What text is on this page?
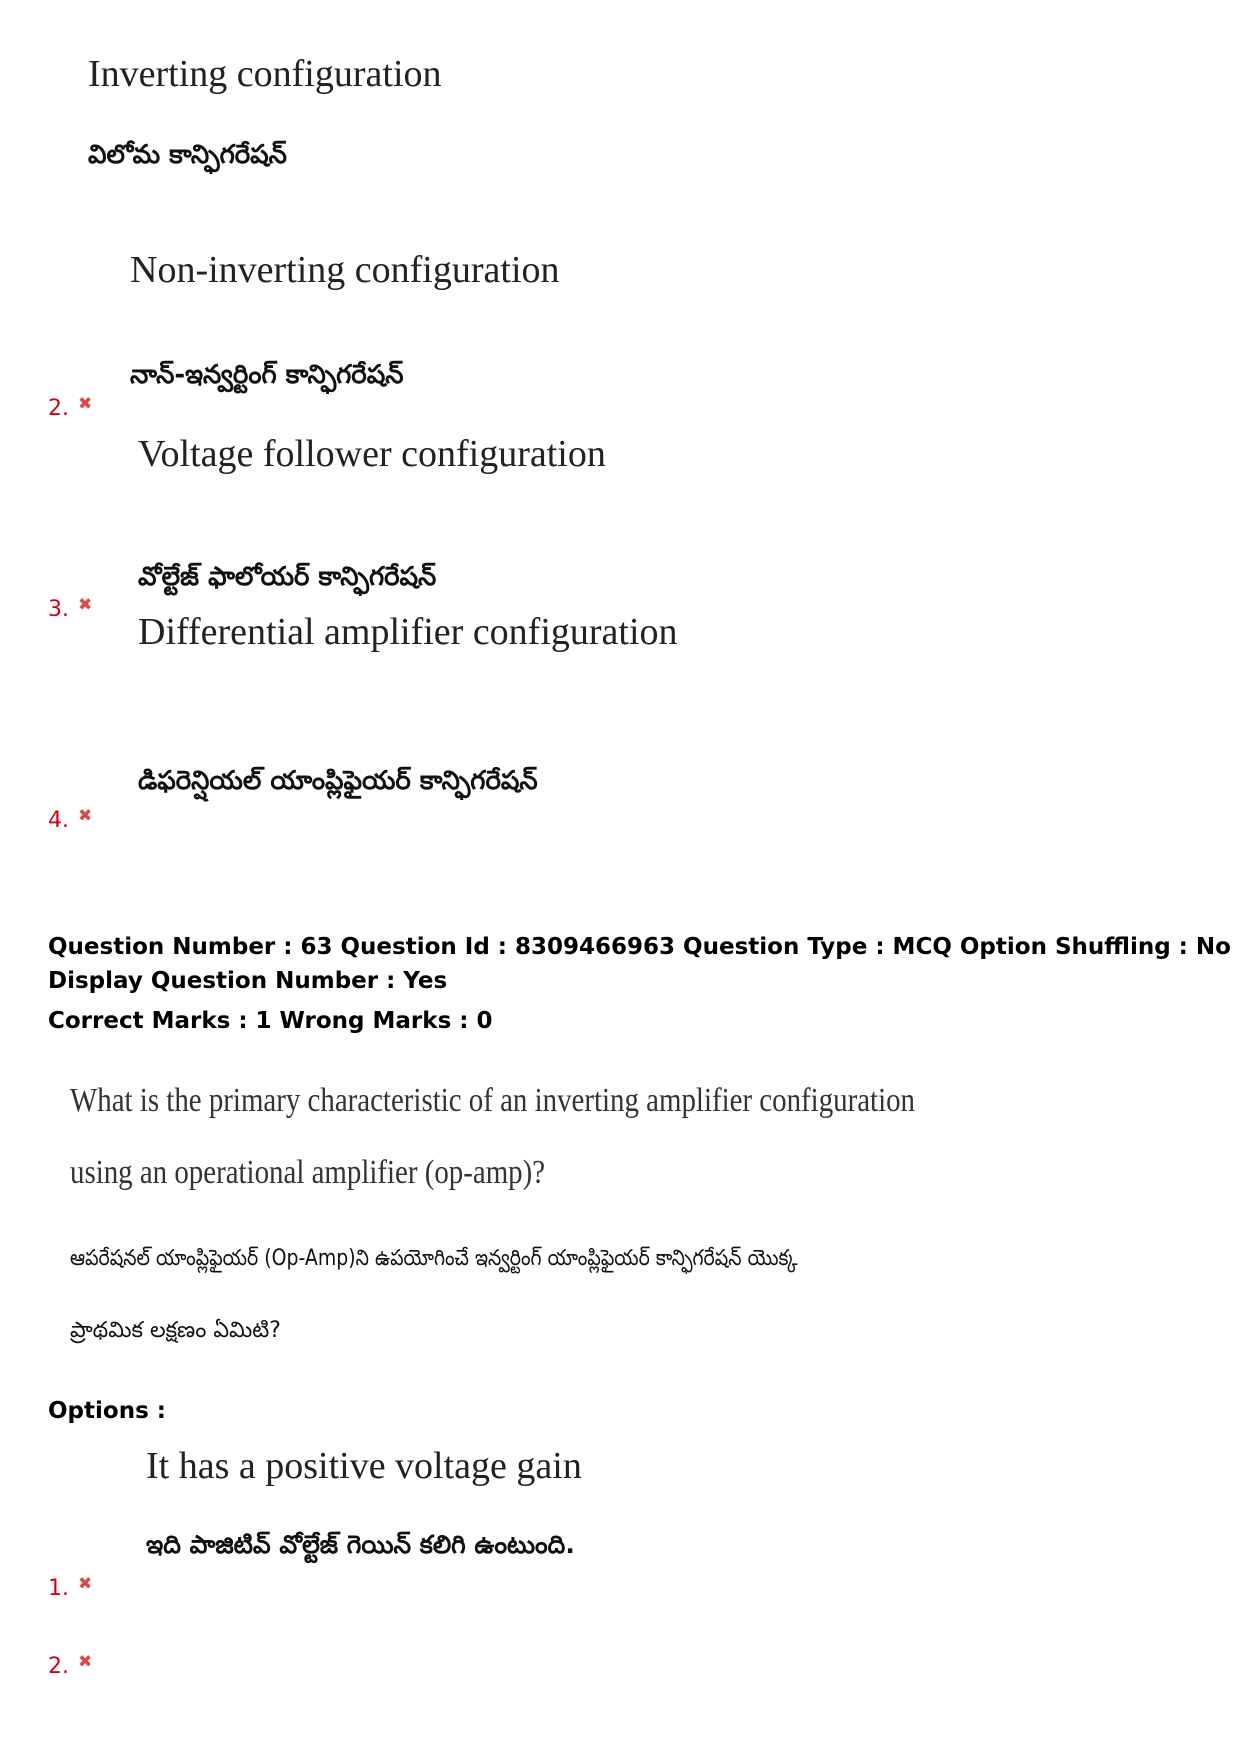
Inverting configuration
విలోమ కాన్ఫిగరేషన్
Non-inverting configuration
నాన్-ఇన్వర్టింగ్ కాన్ఫిగరేషన్
2. ✖
Voltage follower configuration
వోల్టేజ్ ఫాలోయర్ కాన్ఫిగరేషన్
3. ✖
Differential amplifier configuration
డిఫరెన్షియల్ యాంప్లిఫైయర్ కాన్ఫిగరేషన్
4. ✖
Question Number : 63 Question Id : 8309466963 Question Type : MCQ Option Shuffling : No
Display Question Number : Yes
Correct Marks : 1 Wrong Marks : 0
What is the primary characteristic of an inverting amplifier configuration
using an operational amplifier (op-amp)?
ఆపరేషనల్ యాంప్లిఫైయర్ (Op-Amp)ని ఉపయోగించే ఇన్వర్టింగ్ యాంప్లిఫైయర్ కాన్ఫిగరేషన్ యొక్క
ప్రాథమిక లక్షణం ఏమిటి?
Options :
It has a positive voltage gain
ఇది పాజిటివ్ వోల్టేజ్ గెయిన్ కలిగి ఉంటుంది.
1. ✖
2. ✖
